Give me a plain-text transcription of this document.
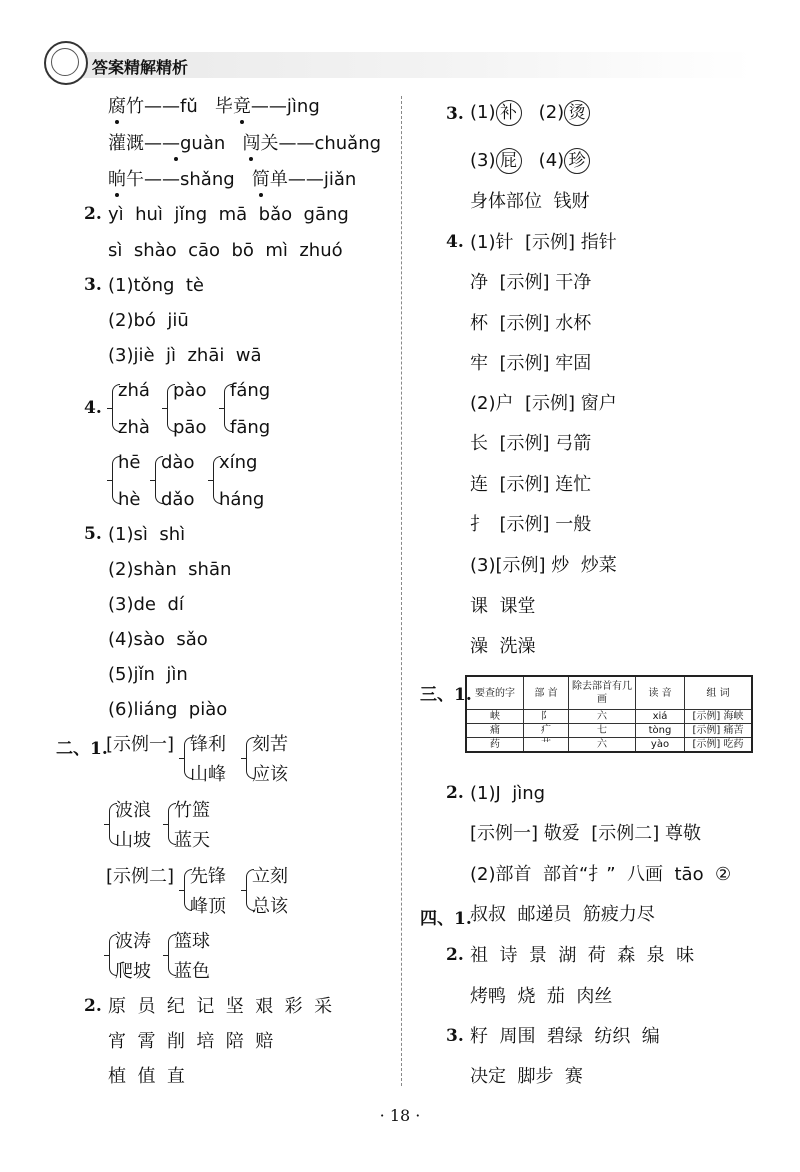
答案精解精析
腐竹——fǔ 毕竟——jìng
灌溉——guàn 闯关——chuǎng
晌午——shǎng 简单——jiǎn
2. yì  huì  jǐng  mā  bǎo  gāng
sì  shào  cāo  bō  mì  zhuó
3. (1)tǒng  tè
(2)bó  jiū
(3)jiè  jì  zhāi  wā
4.
zhá
zhà
pào
pāo
fáng
fāng
hē
hè
dào
dǎo
xíng
háng
5. (1)sì  shì
(2)shàn  shān
(3)de  dí
(4)sào  sǎo
(5)jǐn  jìn
(6)liáng  piào
二、1.
[示例一] 锋利
山峰
刻苦
应该
波浪
山坡
竹篮
蓝天
[示例二] 先锋
峰顶
立刻
总该
波涛
爬坡
篮球
蓝色
2. 原  员  纪  记  坚  艰  彩  采
宵  霄  削  培  陪  赔
植  值  直
3. (1) 补 (2) 烫
(3) 屁 (4) 珍
身体部位  钱财
4. (1)针  [示例] 指针
净  [示例] 干净
杯  [示例] 水杯
牢  [示例] 牢固
(2)户  [示例] 窗户
长  [示例] 弓箭
连  [示例] 连忙
扌  [示例] 一般
(3)[示例] 炒  炒菜
课  课堂
澡  洗澡
三、1. 要查的字	部 首	除去部首有几画	读 音	组 词
峡	阝	六	xiá	[示例] 海峡
痛	疒	七	tòng	[示例] 痛苦
药	艹	六	yào	[示例] 吃药
2. (1)J  jìng
[示例一] 敬爱  [示例二] 尊敬
(2)部首  部首“扌”  八画  tāo  ②
四、1.
叔叔  邮递员  筋疲力尽
2. 祖  诗  景  湖  荷  森  泉  味
烤鸭  烧  茄  肉丝
3. 籽  周围  碧绿  纺织  编
决定  脚步  赛
· 18 ·
